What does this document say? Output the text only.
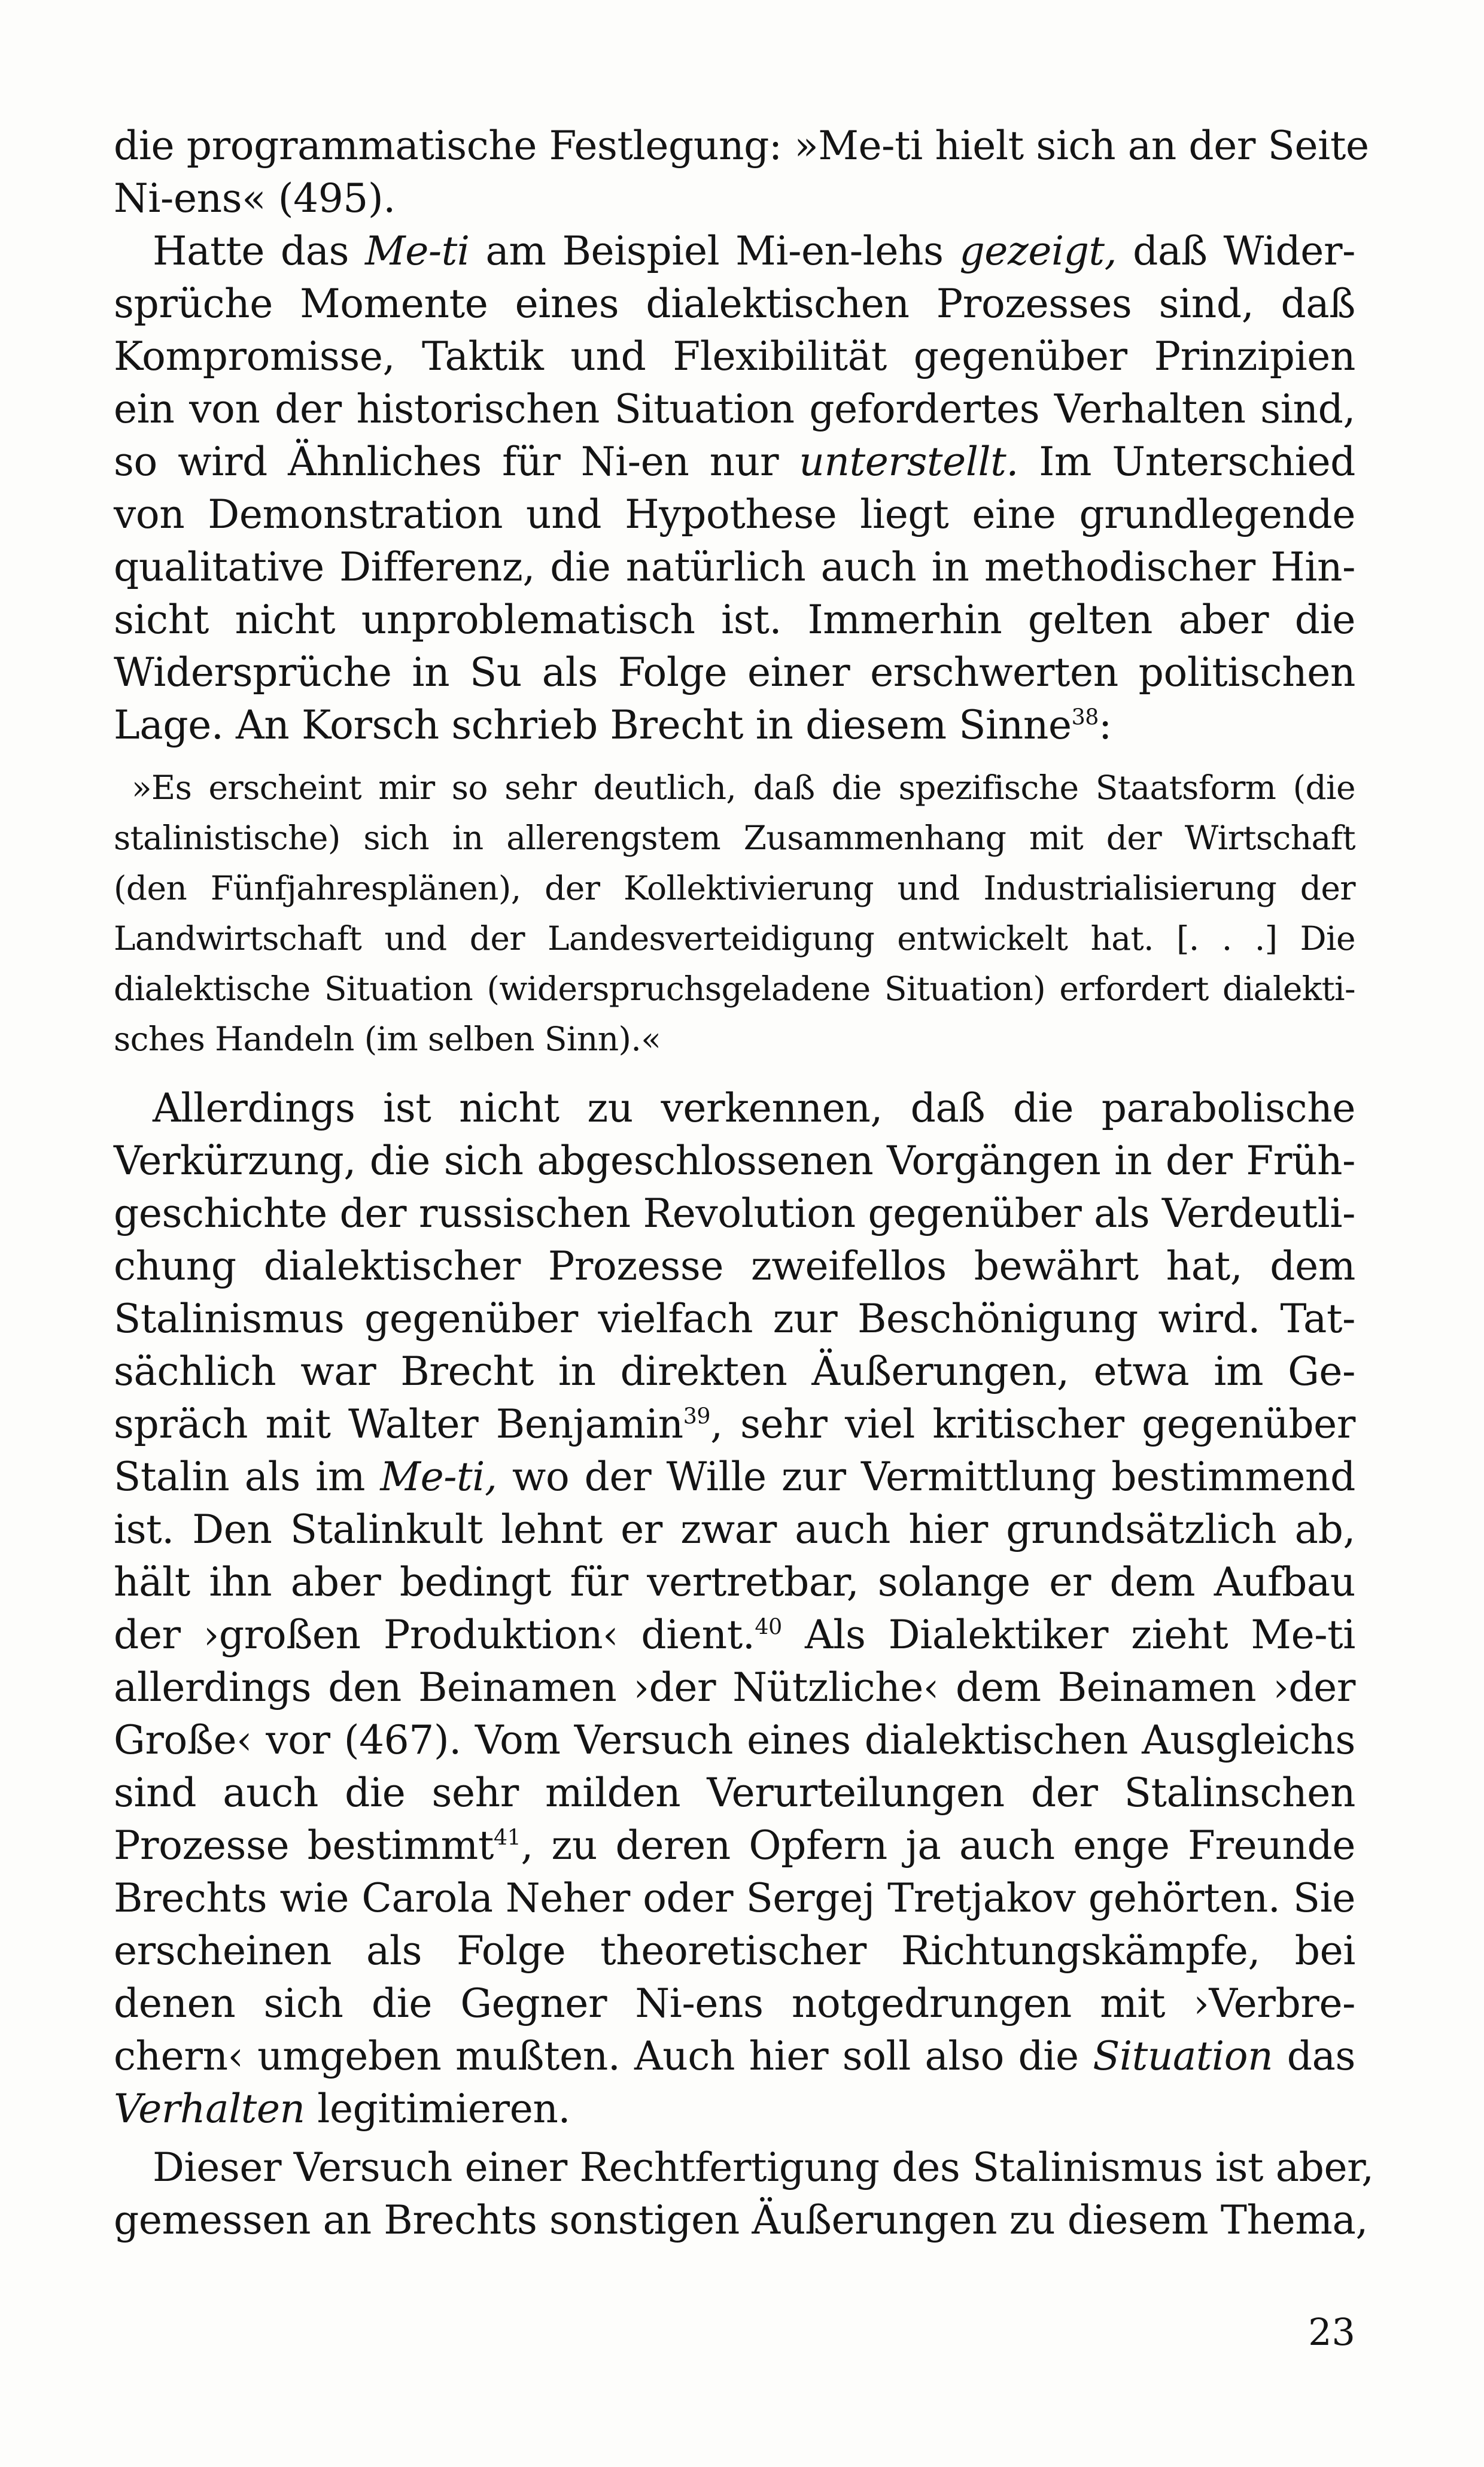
die programmatische Festlegung: »Me-ti hielt sich an der Seite
Ni-ens« (495).
Hatte das Me-ti am Beispiel Mi-en-lehs gezeigt, daß Wider-
sprüche Momente eines dialektischen Prozesses sind, daß
Kompromisse, Taktik und Flexibilität gegenüber Prinzipien
ein von der historischen Situation gefordertes Verhalten sind,
so wird Ähnliches für Ni-en nur unterstellt. Im Unterschied
von Demonstration und Hypothese liegt eine grundlegende
qualitative Differenz, die natürlich auch in methodischer Hin-
sicht nicht unproblematisch ist. Immerhin gelten aber die
Widersprüche in Su als Folge einer erschwerten politischen
Lage. An Korsch schrieb Brecht in diesem Sinne$^{38}$:
»Es erscheint mir so sehr deutlich, daß die spezifische Staatsform (die
stalinistische) sich in allerengstem Zusammenhang mit der Wirtschaft
(den Fünfjahresplänen), der Kollektivierung und Industrialisierung der
Landwirtschaft und der Landesverteidigung entwickelt hat. [. . .] Die
dialektische Situation (widerspruchsgeladene Situation) erfordert dialekti-
sches Handeln (im selben Sinn).«
Allerdings ist nicht zu verkennen, daß die parabolische
Verkürzung, die sich abgeschlossenen Vorgängen in der Früh-
geschichte der russischen Revolution gegenüber als Verdeutli-
chung dialektischer Prozesse zweifellos bewährt hat, dem
Stalinismus gegenüber vielfach zur Beschönigung wird. Tat-
sächlich war Brecht in direkten Äußerungen, etwa im Ge-
spräch mit Walter Benjamin$^{39}$, sehr viel kritischer gegenüber
Stalin als im Me-ti, wo der Wille zur Vermittlung bestimmend
ist. Den Stalinkult lehnt er zwar auch hier grundsätzlich ab,
hält ihn aber bedingt für vertretbar, solange er dem Aufbau
der ›großen Produktion‹ dient.$^{40}$ Als Dialektiker zieht Me-ti
allerdings den Beinamen ›der Nützliche‹ dem Beinamen ›der
Große‹ vor (467). Vom Versuch eines dialektischen Ausgleichs
sind auch die sehr milden Verurteilungen der Stalinschen
Prozesse bestimmt$^{41}$, zu deren Opfern ja auch enge Freunde
Brechts wie Carola Neher oder Sergej Tretjakov gehörten. Sie
erscheinen als Folge theoretischer Richtungskämpfe, bei
denen sich die Gegner Ni-ens notgedrungen mit ›Verbre-
chern‹ umgeben mußten. Auch hier soll also die Situation das
Verhalten legitimieren.
Dieser Versuch einer Rechtfertigung des Stalinismus ist aber,
gemessen an Brechts sonstigen Äußerungen zu diesem Thema,
23
